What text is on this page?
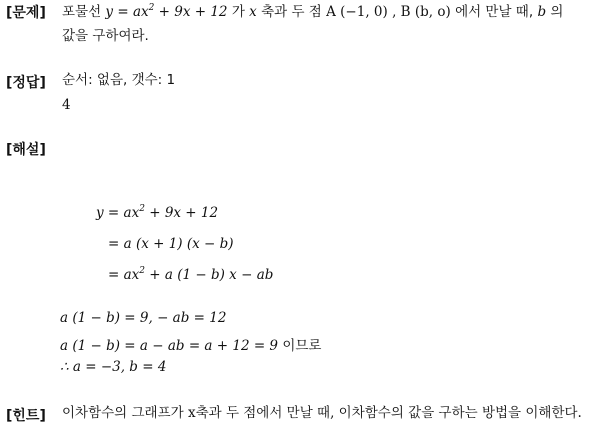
[문제] 포물선 $y = ax^2 + 9x + 12$ 가 x 축과 두 점 A (−1, 0) , B (b, o) 에서 만날 때, b 의
값을 구하여라.
[정답] 순서: 없음, 갯수: 1
4
[해설]
$y = ax^2 + 9x + 12$
= a (x + 1) (x − b)
= $ax^2 + a$ (1 − b) x − ab
a (1 − b) = 9, − ab = 12
a (1 − b) = a − ab = a + 12 = 9 이므로
∴ a = −3, b = 4
[힌트] 이차함수의 그래프가 x축과 두 점에서 만날 때, 이차함수의 값을 구하는 방법을 이해한다.
